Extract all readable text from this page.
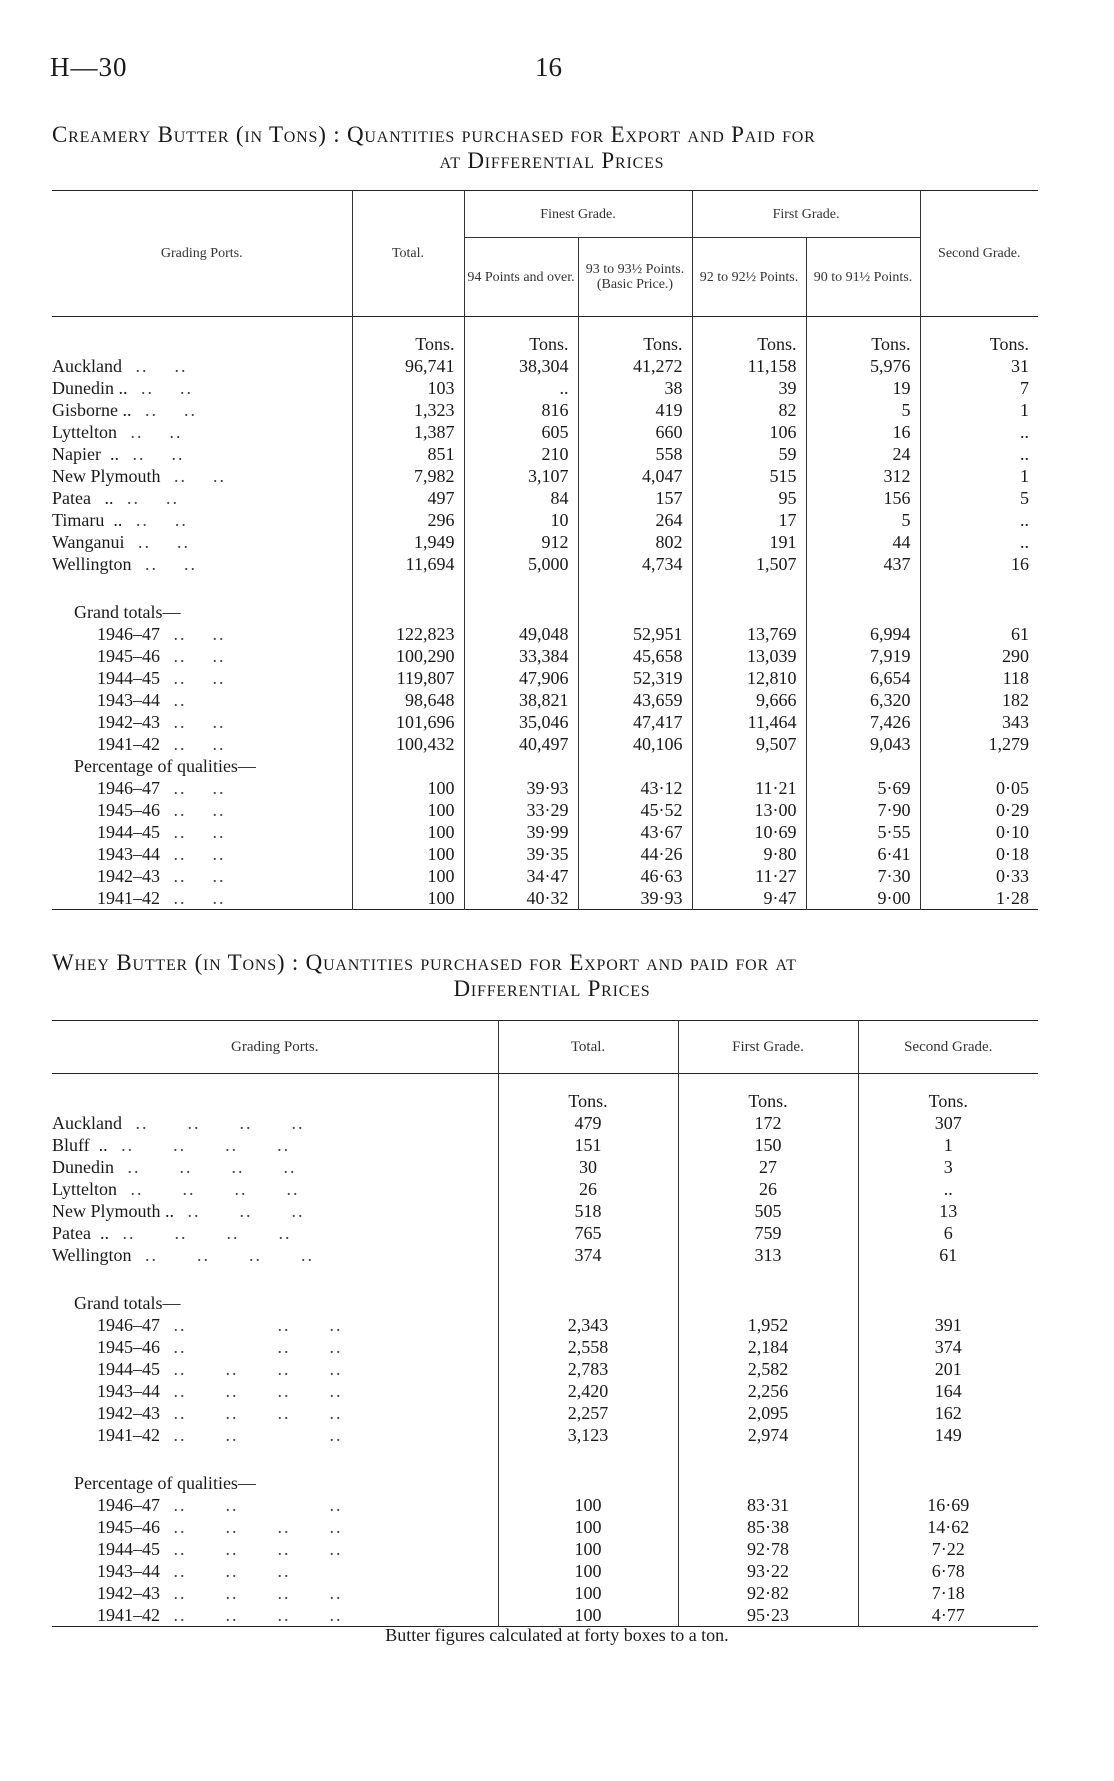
H—30	16
Creamery Butter (in Tons) : Quantities purchased for Export and Paid for
at Differential Prices
Grading Ports.	Total.	Finest Grade.		First Grade.		Second Grade.
		94 Points and over.	93 to 93½ Points. (Basic Price.)	92 to 92½ Points.	90 to 91½ Points.	
	Tons.	Tons.	Tons.	Tons.	Tons.	Tons.
Auckland ..    ..	96,741	38,304	41,272	11,158	5,976	31
Dunedin .. ..    ..	103	..	38	39	19	7
Gisborne .. ..    ..	1,323	816	419	82	5	1
Lyttelton ..    ..	1,387	605	660	106	16	..
Napier  .. ..    ..	851	210	558	59	24	..
New Plymouth ..    ..	7,982	3,107	4,047	515	312	1
Patea   .. ..    ..	497	84	157	95	156	5
Timaru  .. ..    ..	296	10	264	17	5	..
Wanganui ..    ..	1,949	912	802	191	44	..
Wellington ..    ..	11,694	5,000	4,734	1,507	437	16

Grand totals—						
1946–47 ..    ..	122,823	49,048	52,951	13,769	6,994	61
1945–46 ..    ..	100,290	33,384	45,658	13,039	7,919	290
1944–45 ..    ..	119,807	47,906	52,319	12,810	6,654	118
1943–44 ..	98,648	38,821	43,659	9,666	6,320	182
1942–43 ..    ..	101,696	35,046	47,417	11,464	7,426	343
1941–42 ..    ..	100,432	40,497	40,106	9,507	9,043	1,279
Percentage of qualities—						
1946–47 ..    ..	100	39·93	43·12	11·21	5·69	0·05
1945–46 ..    ..	100	33·29	45·52	13·00	7·90	0·29
1944–45 ..    ..	100	39·99	43·67	10·69	5·55	0·10
1943–44 ..    ..	100	39·35	44·26	9·80	6·41	0·18
1942–43 ..    ..	100	34·47	46·63	11·27	7·30	0·33
1941–42 ..    ..	100	40·32	39·93	9·47	9·00	1·28
Whey Butter (in Tons) : Quantities purchased for Export and paid for at
Differential Prices
Grading Ports.	Total.	First Grade.	Second Grade.
	Tons.	Tons.	Tons.
Auckland ..      ..      ..      ..	479	172	307
Bluff  .. ..      ..      ..      ..	151	150	1
Dunedin ..      ..      ..      ..	30	27	3
Lyttelton ..      ..      ..      ..	26	26	..
New Plymouth .. ..      ..      ..	518	505	13
Patea  .. ..      ..      ..      ..	765	759	6
Wellington ..      ..      ..      ..	374	313	61

Grand totals—			
1946–47 ..              ..      ..	2,343	1,952	391
1945–46 ..              ..      ..	2,558	2,184	374
1944–45 ..      ..      ..      ..	2,783	2,582	201
1943–44 ..      ..      ..      ..	2,420	2,256	164
1942–43 ..      ..      ..      ..	2,257	2,095	162
1941–42 ..      ..              ..	3,123	2,974	149

Percentage of qualities—			
1946–47 ..      ..              ..	100	83·31	16·69
1945–46 ..      ..      ..      ..	100	85·38	14·62
1944–45 ..      ..      ..      ..	100	92·78	7·22
1943–44 ..      ..      ..	100	93·22	6·78
1942–43 ..      ..      ..      ..	100	92·82	7·18
1941–42 ..      ..      ..      ..	100	95·23	4·77
Butter figures calculated at forty boxes to a ton.
